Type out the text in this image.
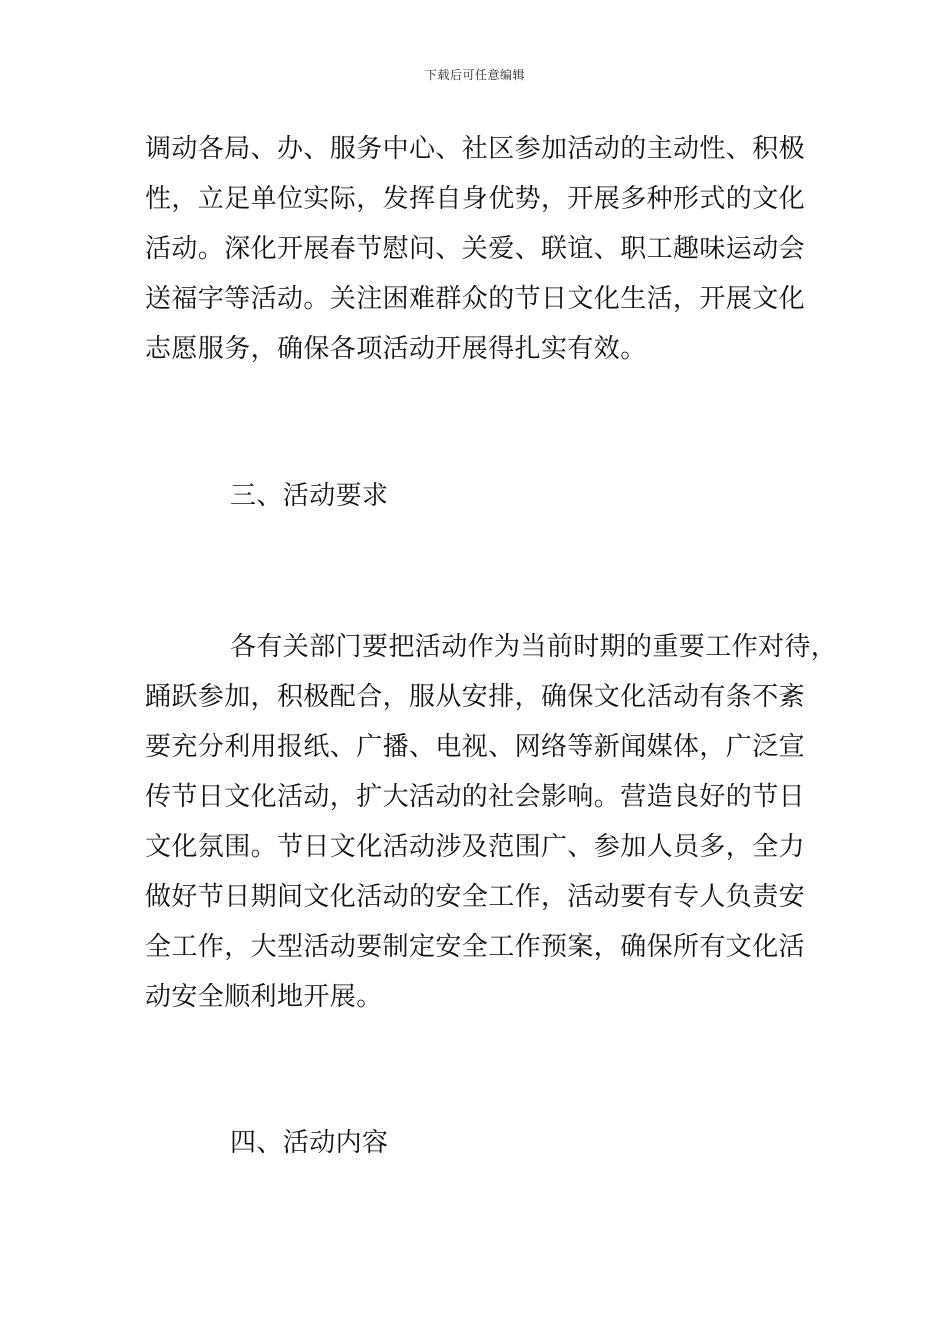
下载后可任意编辑
调动各局、办、服务中心、社区参加活动的主动性、积极
性，立足单位实际，发挥自身优势，开展多种形式的文化
活动。深化开展春节慰问、关爱、联谊、职工趣味运动会
送福字等活动。关注困难群众的节日文化生活，开展文化
志愿服务，确保各项活动开展得扎实有效。
三、活动要求
各有关部门要把活动作为当前时期的重要工作对待，
踊跃参加，积极配合，服从安排，确保文化活动有条不紊
要充分利用报纸、广播、电视、网络等新闻媒体，广泛宣
传节日文化活动，扩大活动的社会影响。营造良好的节日
文化氛围。节日文化活动涉及范围广、参加人员多，全力
做好节日期间文化活动的安全工作，活动要有专人负责安
全工作，大型活动要制定安全工作预案，确保所有文化活
动安全顺利地开展。
四、活动内容
